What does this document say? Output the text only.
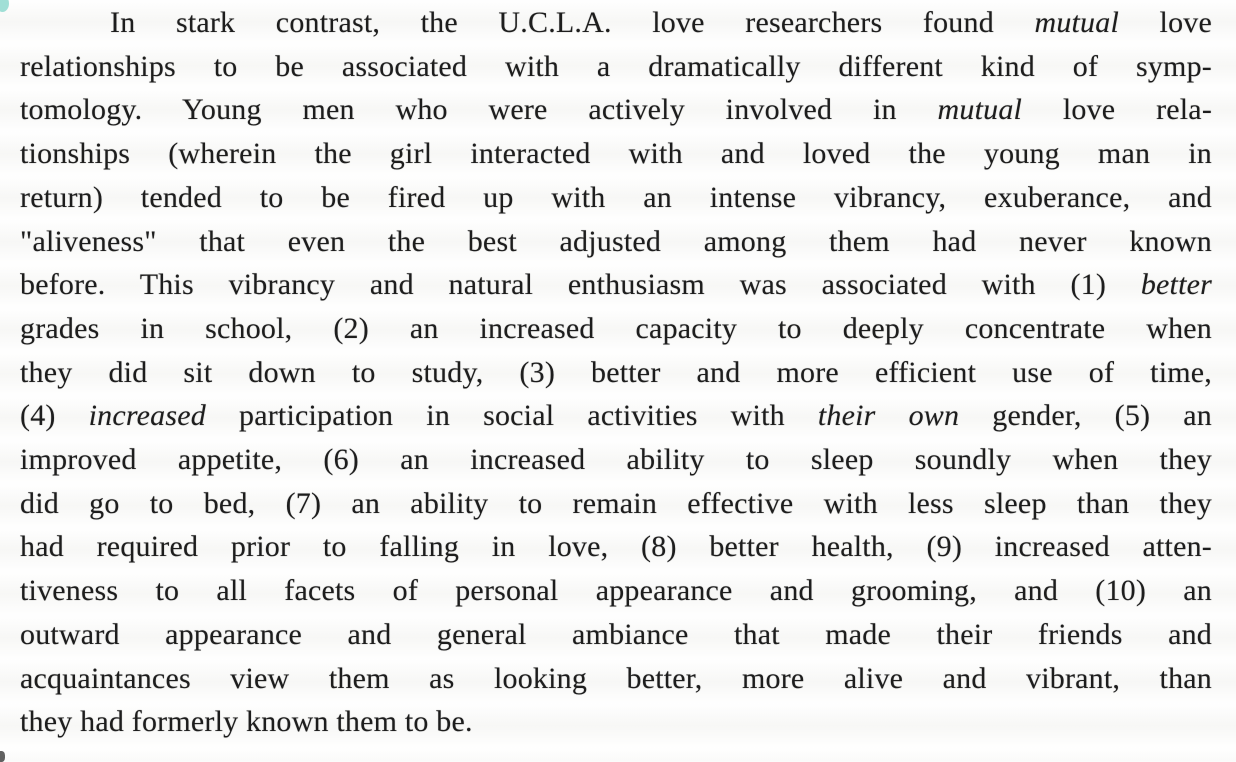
In stark contrast, the U.C.L.A. love researchers found mutual love
relationships to be associated with a dramatically different kind of symp-
tomology. Young men who were actively involved in mutual love rela-
tionships (wherein the girl interacted with and loved the young man in
return) tended to be fired up with an intense vibrancy, exuberance, and
"aliveness" that even the best adjusted among them had never known
before. This vibrancy and natural enthusiasm was associated with (1) better
grades in school, (2) an increased capacity to deeply concentrate when
they did sit down to study, (3) better and more efficient use of time,
(4) increased participation in social activities with their own gender, (5) an
improved appetite, (6) an increased ability to sleep soundly when they
did go to bed, (7) an ability to remain effective with less sleep than they
had required prior to falling in love, (8) better health, (9) increased atten-
tiveness to all facets of personal appearance and grooming, and (10) an
outward appearance and general ambiance that made their friends and
acquaintances view them as looking better, more alive and vibrant, than
they had formerly known them to be.
